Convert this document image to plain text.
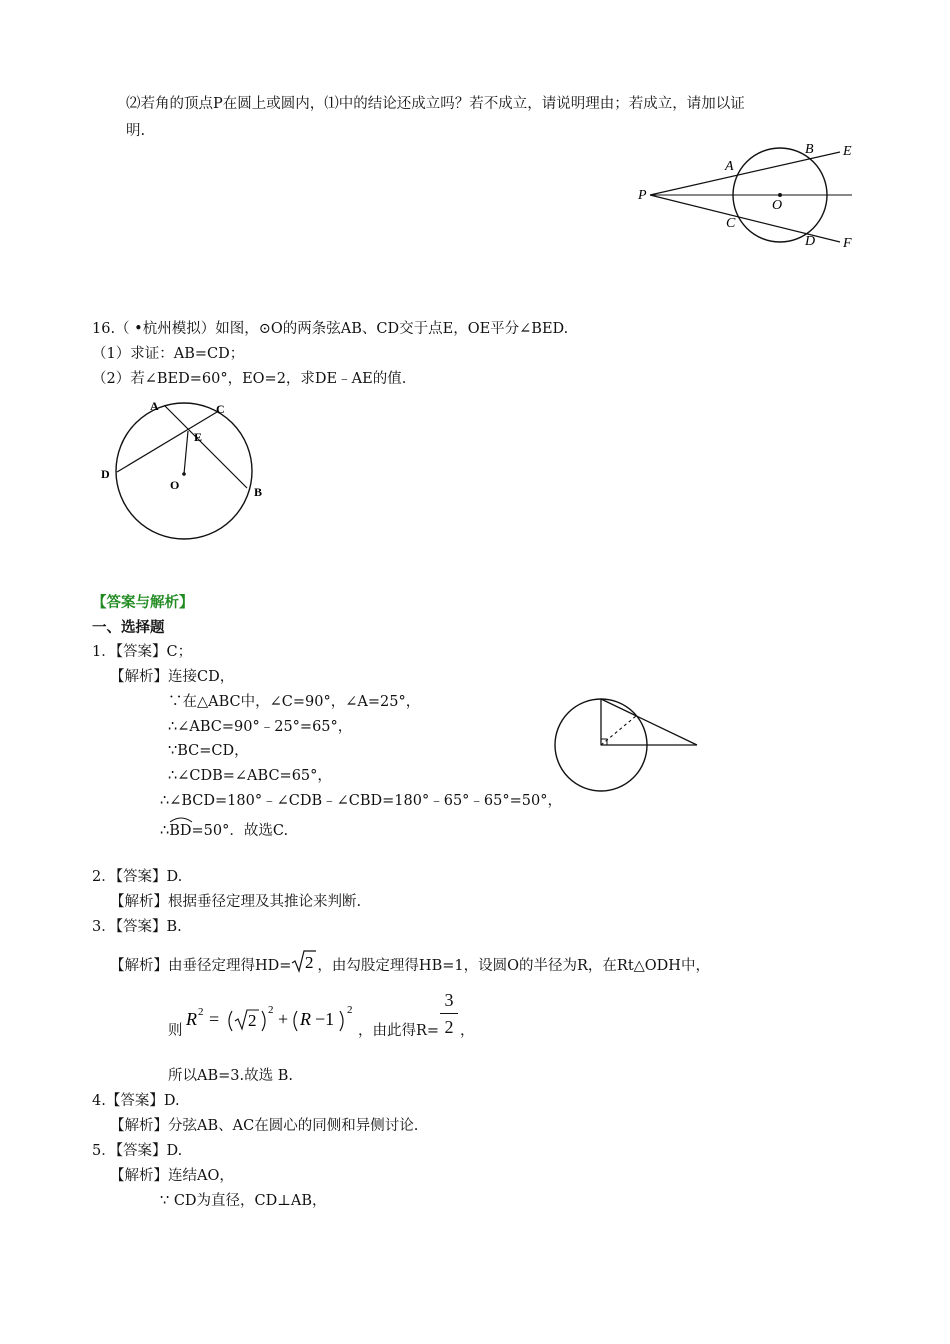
⑵若角的顶点P在圆上或圆内，⑴中的结论还成立吗？若不成立，请说明理由；若成立，请加以证
明.
P
A
B E
O
C
D F
16.（ •杭州模拟）如图，⊙O的两条弦AB、CD交于点E，OE平分∠BED.
（1）求证：AB=CD；
（2）若∠BED=60°，EO=2，求DE﹣AE的值.
A	C
E
D
O	B
【答案与解析】
一、选择题
1．【答案】C；
【解析】连接CD，
∵在△ABC中，∠C=90°，∠A=25°，
∴∠ABC=90°﹣25°=65°，
∵BC=CD，
∴∠CDB=∠ABC=65°，
∴∠BCD=180°﹣∠CDB﹣∠CBD=180°﹣65°﹣65°=50°，
∴
BD=50°．故选C.
2．【答案】D.
【解析】根据垂径定理及其推论来判断.
3．【答案】B.
【解析】由垂径定理得HD= 2 ，由勾股定理得HB=1，设圆O的半径为R，在Rt△ODH中，
则
R 2 = 2
2 + R −1 2
，由此得R=
3
2 ，
所以AB=3.故选 B.
4.【答案】D.
【解析】分弦AB、AC在圆心的同侧和异侧讨论.
5．【答案】D.
【解析】连结AO，
∵ CD为直径，CD⊥AB，
